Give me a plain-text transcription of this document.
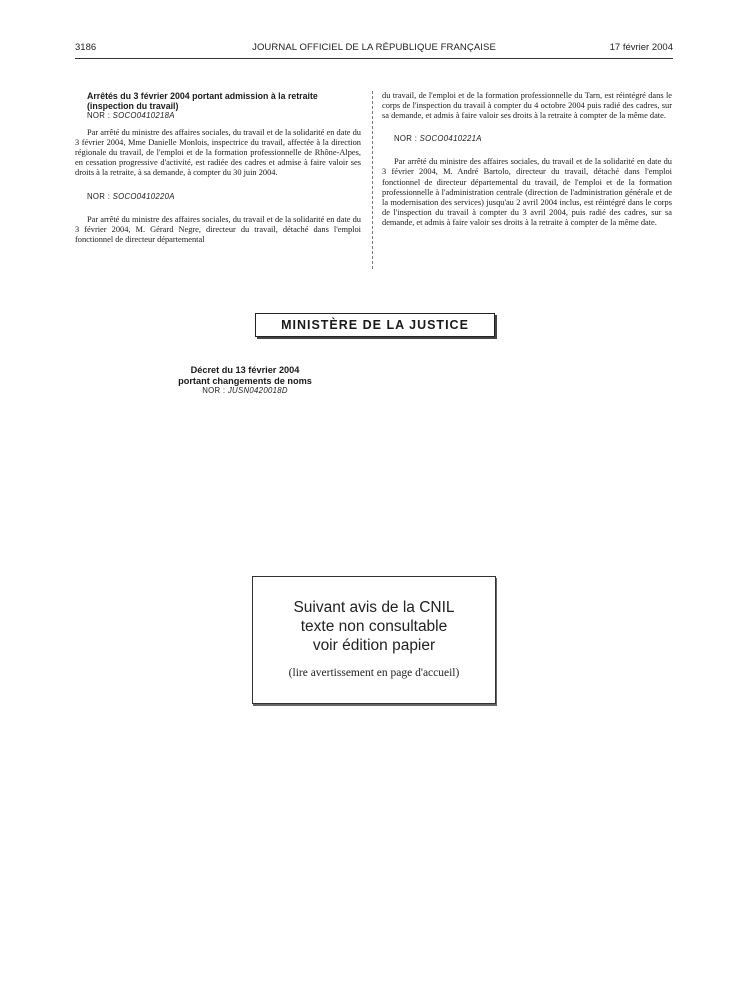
3186	JOURNAL OFFICIEL DE LA RÉPUBLIQUE FRANÇAISE	17 février 2004

Arrêtés du 3 février 2004 portant admission à la retraite

(inspection du travail)

NOR : SOCO0410218A

Par arrêté du ministre des affaires sociales, du travail et de la solidarité en date du 3 février 2004, Mme Danielle Monlois, inspectrice du travail, affectée à la direction régionale du travail, de l'emploi et de la formation professionnelle de Rhône-Alpes, en cessation progressive d'activité, est radiée des cadres et admise à faire valoir ses droits à la retraite, à sa demande, à compter du 30 juin 2004.

NOR : SOCO0410220A

Par arrêté du ministre des affaires sociales, du travail et de la solidarité en date du 3 février 2004, M. Gérard Negre, directeur du travail, détaché dans l'emploi fonctionnel de directeur départemental

du travail, de l'emploi et de la formation professionnelle du Tarn, est réintégré dans le corps de l'inspection du travail à compter du 4 octobre 2004 puis radié des cadres, sur sa demande, et admis à faire valoir ses droits à la retraite à compter de la même date.

NOR : SOCO0410221A

Par arrêté du ministre des affaires sociales, du travail et de la solidarité en date du 3 février 2004, M. André Bartolo, directeur du travail, détaché dans l'emploi fonctionnel de directeur départemental du travail, de l'emploi et de la formation professionnelle à l'administration centrale (direction de l'administration générale et de la modernisation des services) jusqu'au 2 avril 2004 inclus, est réintégré dans le corps de l'inspection du travail à compter du 3 avril 2004, puis radié des cadres, sur sa demande, et admis à faire valoir ses droits à la retraite à compter de la même date.

MINISTÈRE DE LA JUSTICE

Décret du 13 février 2004

portant changements de noms

NOR : JUSN0420018D

Suivant avis de la CNIL

texte non consultable

voir édition papier

(lire avertissement en page d'accueil)
